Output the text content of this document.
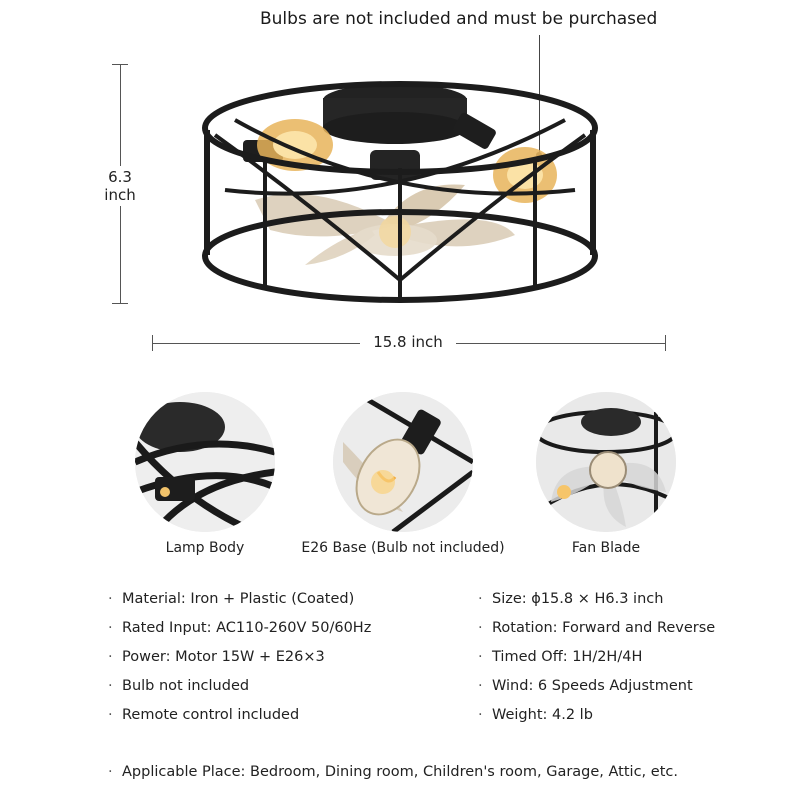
Bulbs are not included and must be purchased
6.3 inch
15.8 inch
Lamp Body	E26 Base (Bulb not included)	Fan Blade
· Material: Iron + Plastic (Coated)
· Rated Input: AC110-260V 50/60Hz
· Power: Motor 15W + E26×3
· Bulb not included
· Remote control included
· Size: ϕ15.8 × H6.3 inch
· Rotation: Forward and Reverse
· Timed Off: 1H/2H/4H
· Wind: 6 Speeds Adjustment
· Weight: 4.2 lb
· Applicable Place: Bedroom, Dining room, Children's room, Garage, Attic, etc.
